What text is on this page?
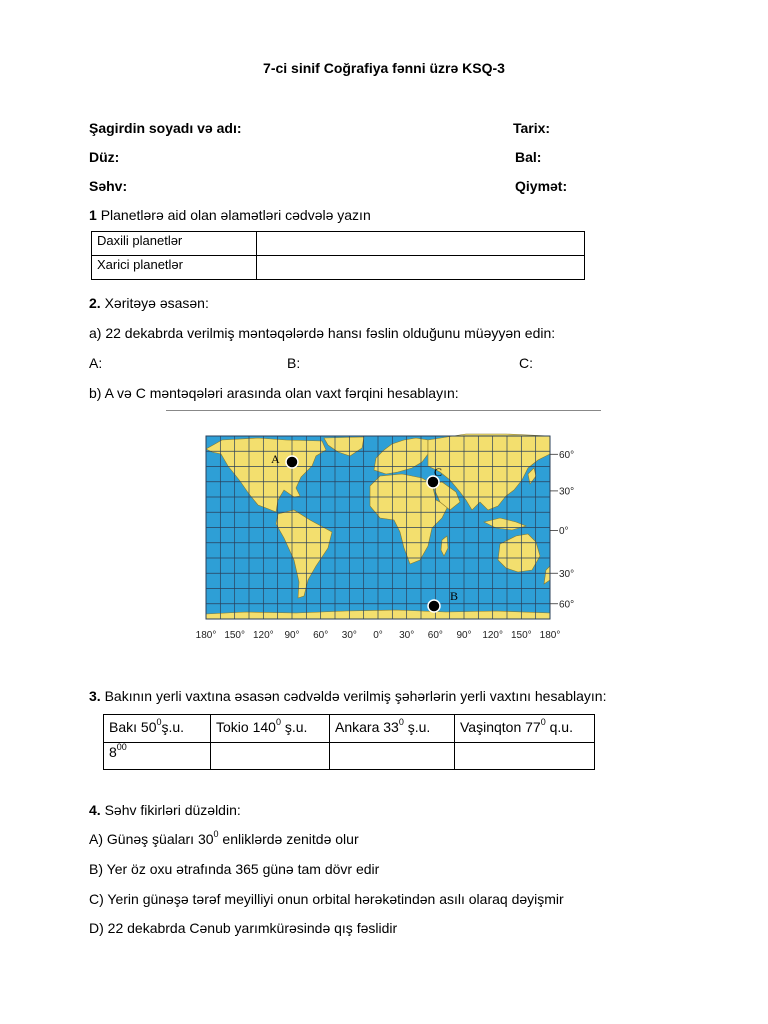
7-ci sinif Coğrafiya fənni üzrə KSQ-3
Şagirdin soyadı və adı:	Tarix:
Düz:	Bal:
Səhv:	Qiymət:
1 Planetlərə aid olan əlamətləri cədvələ yazın
Daxili planetlər	
Xarici planetlər	
2. Xəritəyə əsasən:
a) 22 dekabrda verilmiş məntəqələrdə hansı fəslin olduğunu müəyyən edin:
A:	B:	C:
b) A və C məntəqələri arasında olan vaxt fərqini hesablayın:
60°
30°
0°
30°
60°
180° 150° 120° 90° 60° 30° 0° 30° 60° 90° 120° 150° 180°
A
C
B
3. Bakının yerli vaxtına əsasən cədvəldə verilmiş şəhərlərin yerli vaxtını hesablayın:
Bakı $50^0ş.u$.	Tokio $140^0$ ş.u.	Ankara $33^0$ ş.u.	Vaşinqton $77^0$ q.u.
$8^{00}$			
4. Səhv fikirləri düzəldin:
A) Günəş şüaları $30^0$ enliklərdə zenitdə olur
B) Yer öz oxu ətrafında 365 günə tam dövr edir
C) Yerin günəşə tərəf meyilliyi onun orbital hərəkətindən asılı olaraq dəyişmir
D) 22 dekabrda Cənub yarımkürəsində qış fəslidir
